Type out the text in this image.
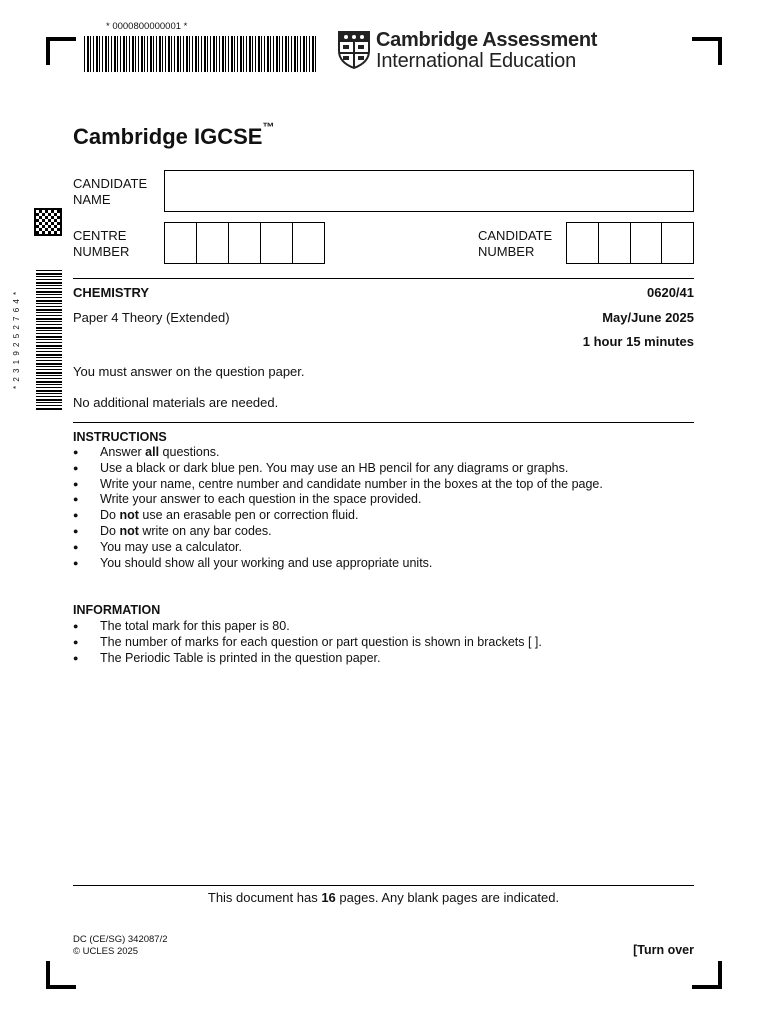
* 0000800000001 *
Cambridge Assessment
International Education
Cambridge IGCSE™
* 2 3 1 9 2 5 2 7 6 4 *
CANDIDATE
NAME
CENTRE
NUMBER
CANDIDATE
NUMBER
CHEMISTRY	0620/41
Paper 4 Theory (Extended)	May/June 2025
1 hour 15 minutes
You must answer on the question paper.
No additional materials are needed.
INSTRUCTIONS
● Answer all questions.
● Use a black or dark blue pen. You may use an HB pencil for any diagrams or graphs.
● Write your name, centre number and candidate number in the boxes at the top of the page.
● Write your answer to each question in the space provided.
● Do not use an erasable pen or correction fluid.
● Do not write on any bar codes.
● You may use a calculator.
● You should show all your working and use appropriate units.
INFORMATION
● The total mark for this paper is 80.
● The number of marks for each question or part question is shown in brackets [ ].
● The Periodic Table is printed in the question paper.
This document has 16 pages. Any blank pages are indicated.
DC (CE/SG) 342087/2
© UCLES 2025	[Turn over
